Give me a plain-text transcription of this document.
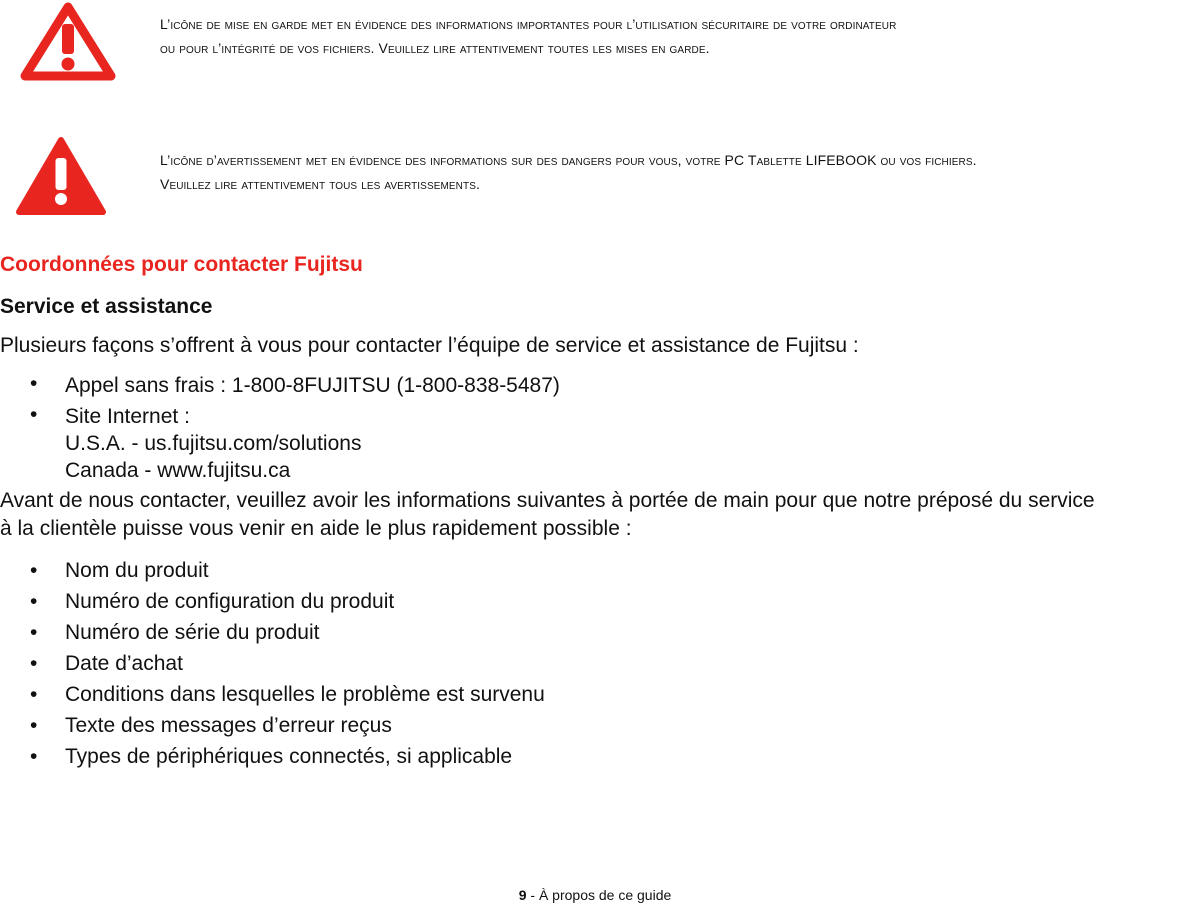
L’icône de mise en garde met en évidence des informations importantes pour l’utilisation sécuritaire de votre ordinateur
ou pour l’intégrité de vos fichiers. Veuillez lire attentivement toutes les mises en garde.
L’icône d’avertissement met en évidence des informations sur des dangers pour vous, votre PC Tablette LIFEBOOK ou vos fichiers.
Veuillez lire attentivement tous les avertissements.
Coordonnées pour contacter Fujitsu
Service et assistance

Plusieurs façons s’offrent à vous pour contacter l’équipe de service et assistance de Fujitsu :

• Appel sans frais : 1-800-8FUJITSU (1-800-838-5487)
• Site Internet :
U.S.A. - us.fujitsu.com/solutions
Canada - www.fujitsu.ca

Avant de nous contacter, veuillez avoir les informations suivantes à portée de main pour que notre préposé du service
à la clientèle puisse vous venir en aide le plus rapidement possible :

• Nom du produit
• Numéro de configuration du produit
• Numéro de série du produit
• Date d’achat
• Conditions dans lesquelles le problème est survenu
• Texte des messages d’erreur reçus
• Types de périphériques connectés, si applicable
9 - À propos de ce guide
